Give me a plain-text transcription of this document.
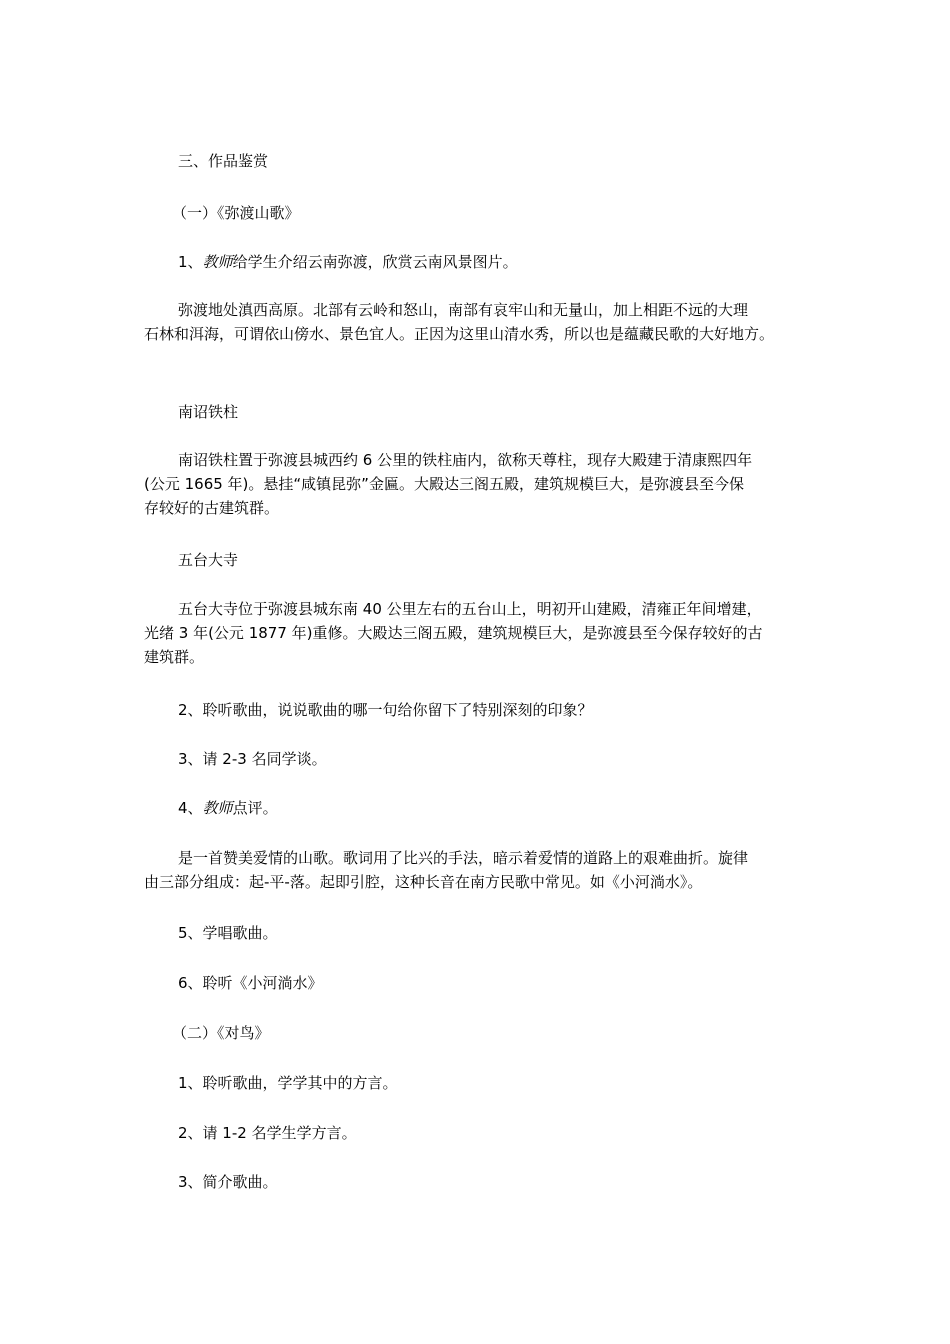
三、作品鉴赏
（一）《弥渡山歌》
1、教师给学生介绍云南弥渡，欣赏云南风景图片。
弥渡地处滇西高原。北部有云岭和怒山，南部有哀牢山和无量山，加上相距不远的大理
石林和洱海，可谓依山傍水、景色宜人。正因为这里山清水秀，所以也是蕴藏民歌的大好地方。
南诏铁柱
南诏铁柱置于弥渡县城西约 6 公里的铁柱庙内，欲称天尊柱，现存大殿建于清康熙四年
(公元 1665 年)。悬挂“咸镇昆弥”金匾。大殿达三阁五殿，建筑规模巨大，是弥渡县至今保
存较好的古建筑群。
五台大寺
五台大寺位于弥渡县城东南 40 公里左右的五台山上，明初开山建殿，清雍正年间增建，
光绪 3 年(公元 1877 年)重修。大殿达三阁五殿，建筑规模巨大，是弥渡县至今保存较好的古
建筑群。
2、聆听歌曲，说说歌曲的哪一句给你留下了特别深刻的印象？
3、请 2-3 名同学谈。
4、教师点评。
是一首赞美爱情的山歌。歌词用了比兴的手法，暗示着爱情的道路上的艰难曲折。旋律
由三部分组成：起-平-落。起即引腔，这种长音在南方民歌中常见。如《小河淌水》。
5、学唱歌曲。
6、聆听《小河淌水》
（二）《对鸟》
1、聆听歌曲，学学其中的方言。
2、请 1-2 名学生学方言。
3、简介歌曲。
